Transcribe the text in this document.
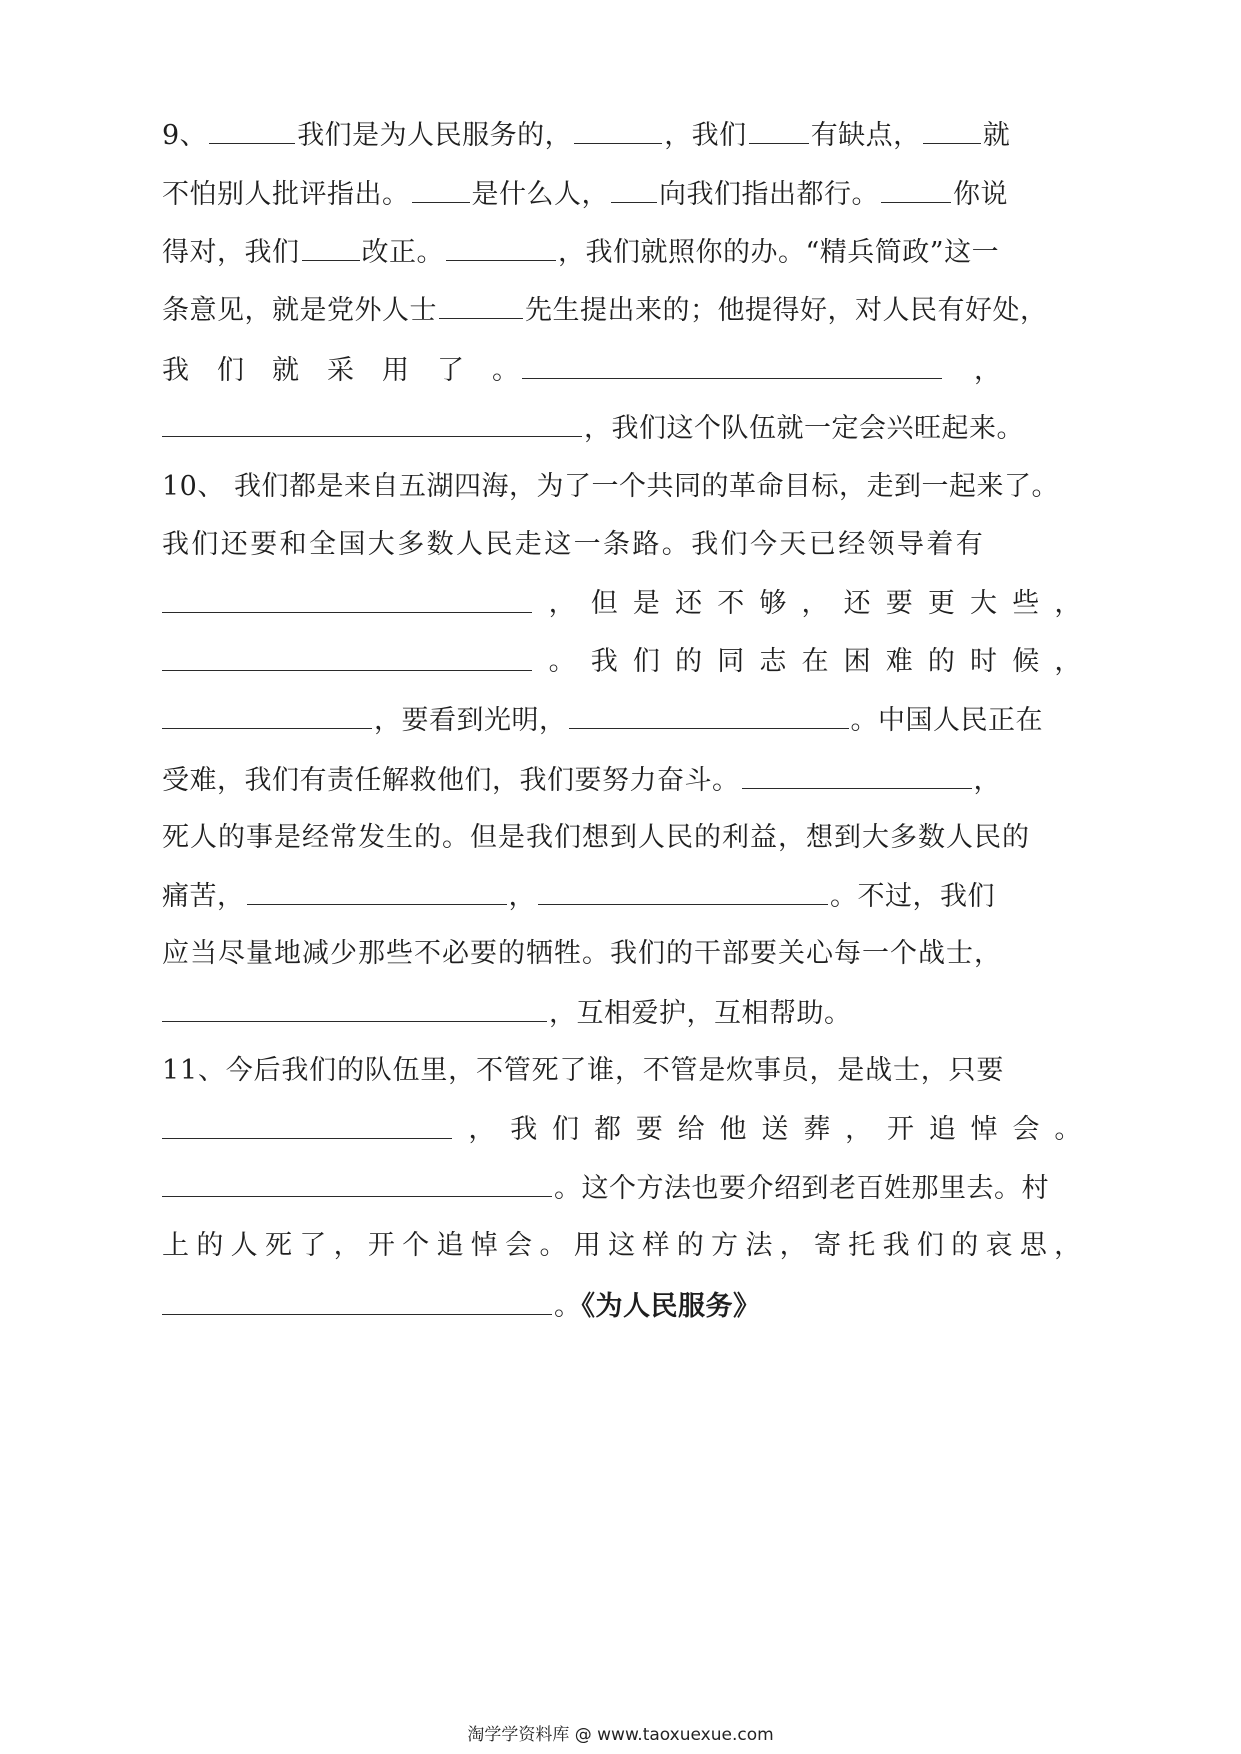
9、	我们是为人民服务的，	，我们 有缺点， 就
不怕别人批评指出。 是什么人， 向我们指出都行。	你说
得对，我们 改正。	，我们就照你的办。“精兵简政”这一
条意见，就是党外人士	先生提出来的；他提得好，对人民有好处，
我们就采用了。	，
，我们这个队伍就一定会兴旺起来。
10、 我们都是来自五湖四海，为了一个共同的革命目标，走到一起来了。
我们还要和全国大多数人民走这一条路。我们今天已经领导着有
， 但 是 还 不 够 ， 还 要 更 大 些 ，
。 我 们 的 同 志 在 困 难 的 时 候 ，
，要看到光明，	。中国人民正在
受难，我们有责任解救他们，我们要努力奋斗。	，
死人的事是经常发生的。但是我们想到人民的利益，想到大多数人民的
痛苦，	，	。不过，我们
应当尽量地减少那些不必要的牺牲。我们的干部要关心每一个战士，
，互相爱护，互相帮助。
11、今后我们的队伍里，不管死了谁，不管是炊事员，是战士，只要
， 我 们 都 要 给 他 送 葬 ， 开 追 悼 会 。
。这个方法也要介绍到老百姓那里去。村
上 的 人 死 了 ， 开 个 追 悼 会 。 用 这 样 的 方 法 ， 寄 托 我 们 的 哀 思 ，
。《为人民服务》
淘学学资料库 @ www.taoxuexue.com
